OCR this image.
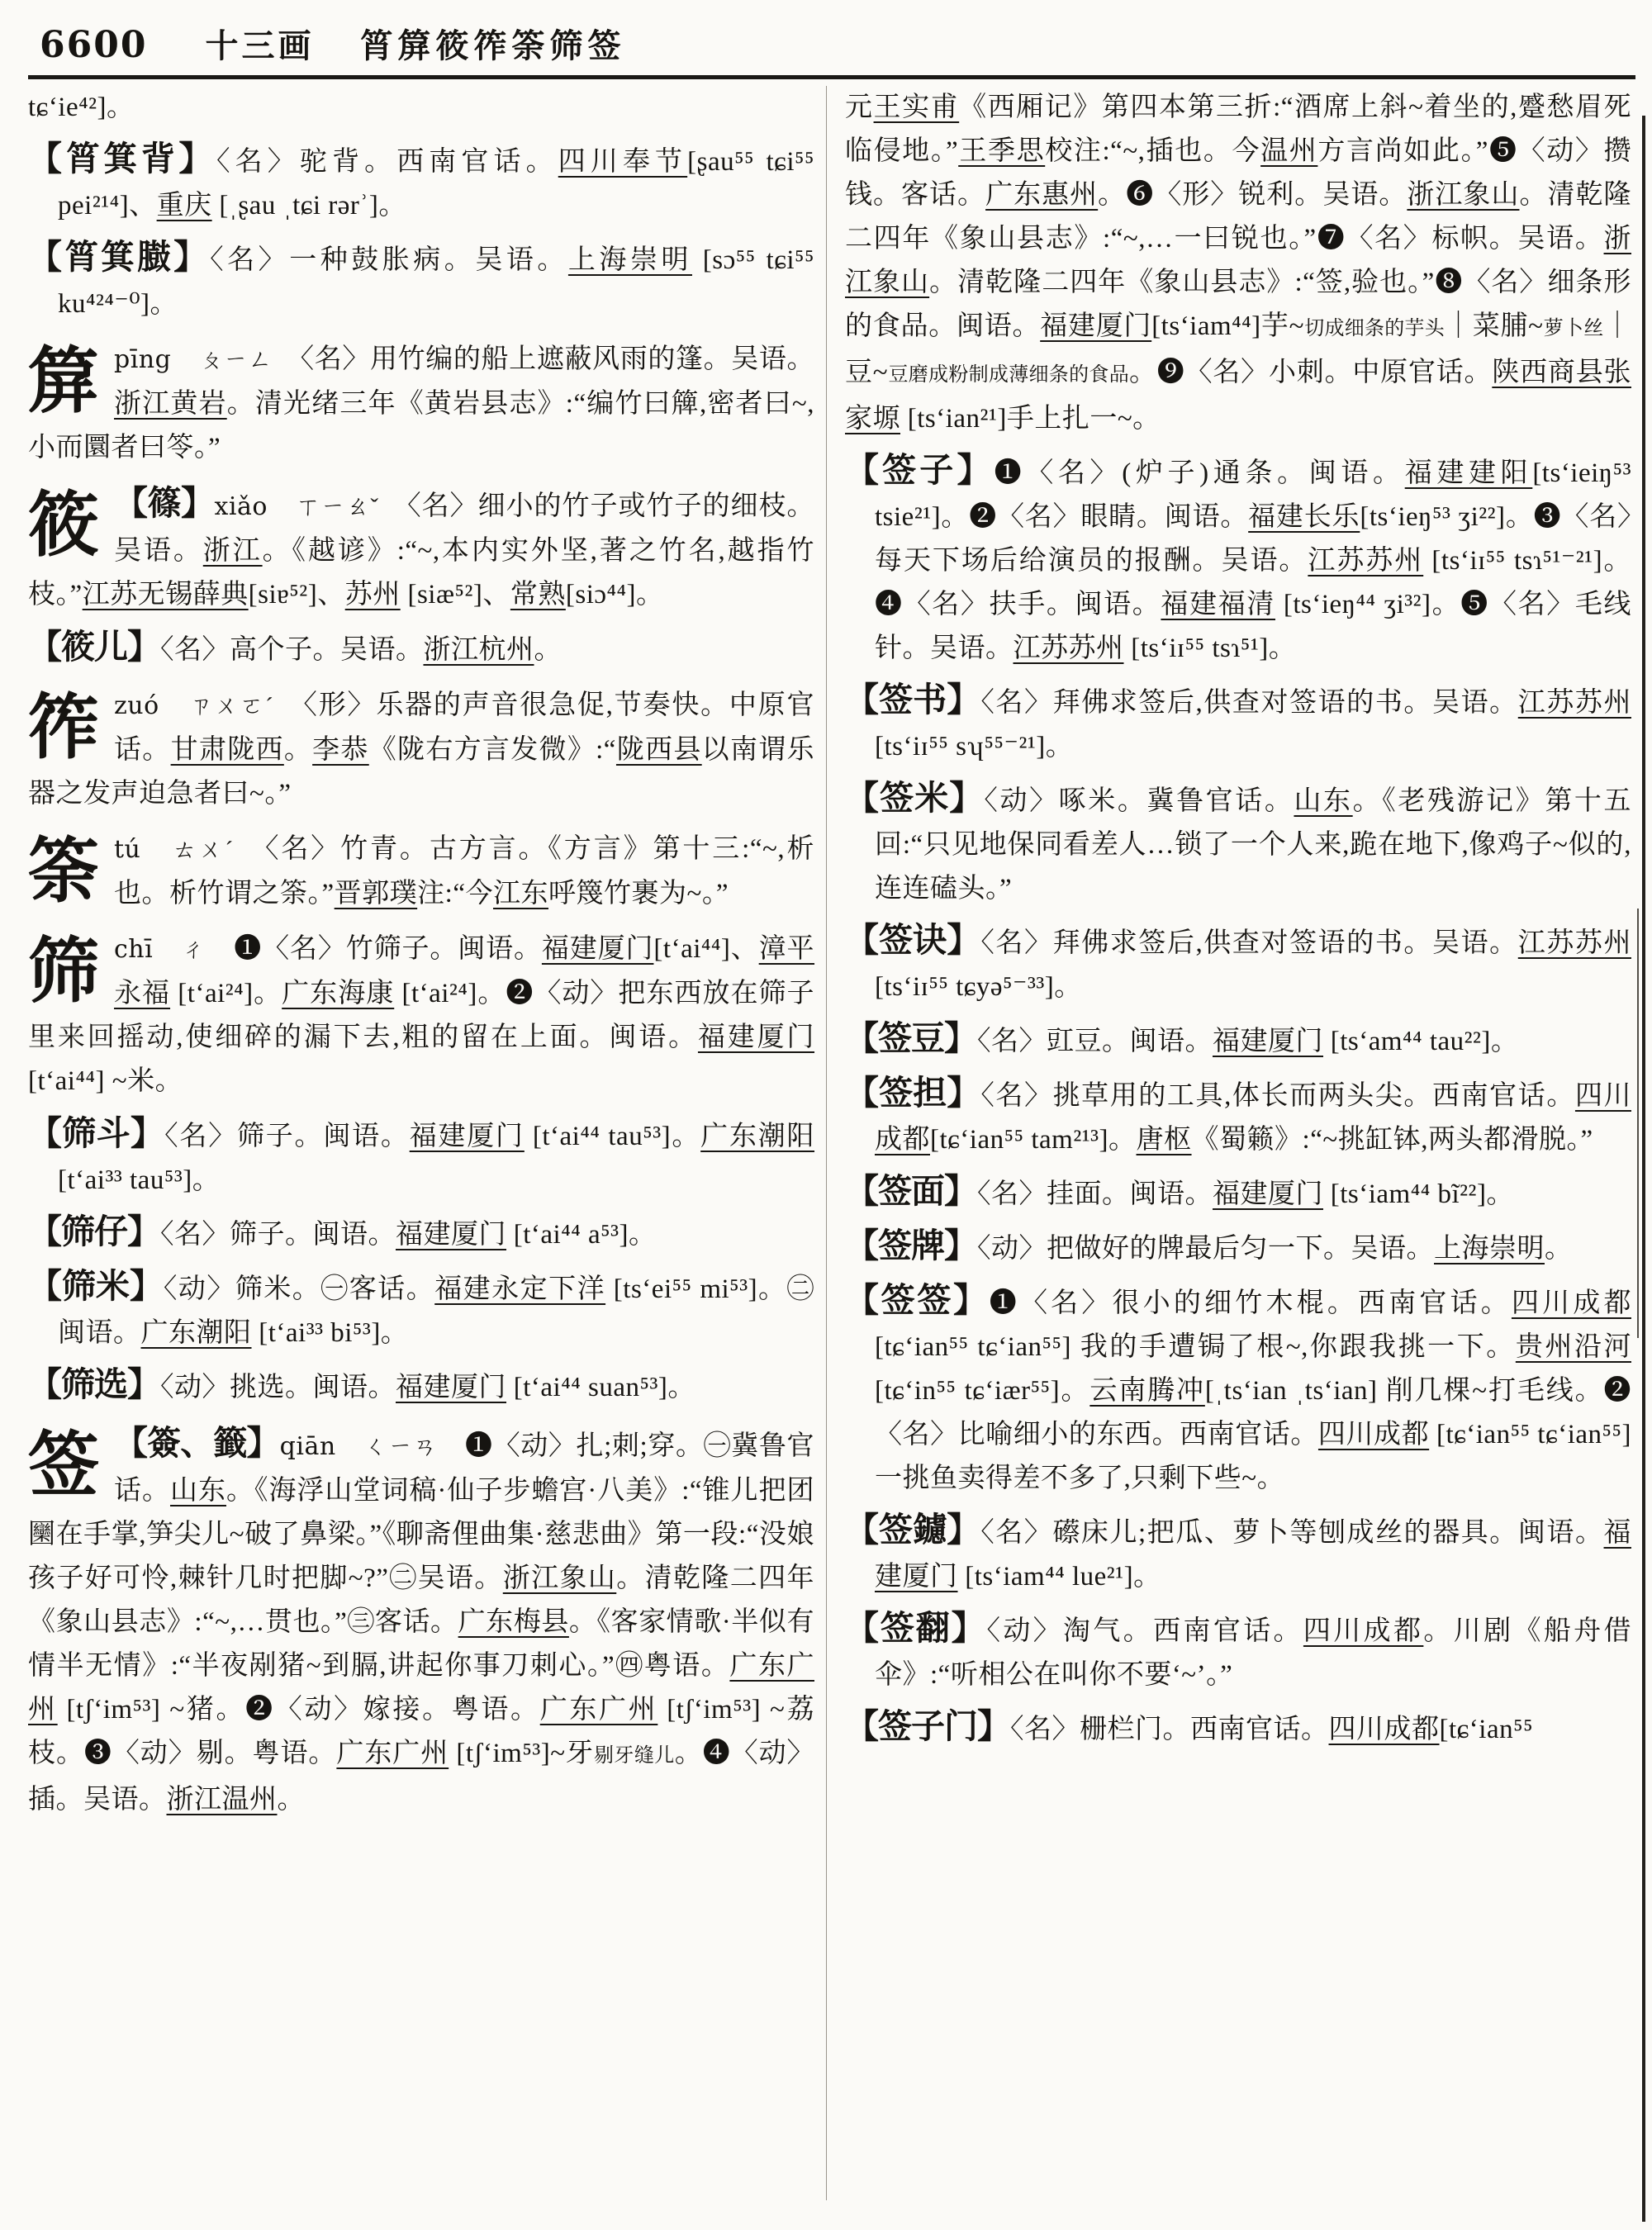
6600 十三画 筲箳筱筰筡筛签

tɕʻie⁴²]。

【筲箕背】〈名〉驼背。西南官话。四川奉节[ʂau⁵⁵ tɕi⁵⁵ pei²¹⁴]、重庆 [ˌʂau ˌtɕi rərʾ]。

【筲箕臌】〈名〉一种鼓胀病。吴语。上海崇明 [sɔ⁵⁵ tɕi⁵⁵ ku⁴²⁴⁻⁰]。

箳 pīng　 ㄆㄧㄥ　〈名〉用竹编的船上遮蔽风雨的篷。吴语。浙江黄岩。清光绪三年《黄岩县志》:“编竹曰簰,密者曰~,小而圜者曰笭。”

筱 【篠】xiǎo　 ㄒㄧㄠˇ　〈名〉细小的竹子或竹子的细枝。吴语。浙江。《越谚》:“~,本内实外坚,著之竹名,越指竹枝。”江苏无锡薛典[siɐ⁵²]、苏州 [siæ⁵²]、常熟[siɔ⁴⁴]。

【筱儿】〈名〉高个子。吴语。浙江杭州。

筰 zuó　 ㄗㄨㄛˊ　〈形〉乐器的声音很急促,节奏快。中原官话。甘肃陇西。李恭《陇右方言发微》:“陇西县以南谓乐器之发声迫急者曰~。”

筡 tú　 ㄊㄨˊ　〈名〉竹青。古方言。《方言》第十三:“~,析也。析竹谓之筡。”晋郭璞注:“今江东呼篾竹裹为~。”

筛 chī　 ㄔ　❶〈名〉竹筛子。闽语。福建厦门[tʻai⁴⁴]、漳平永福 [tʻai²⁴]。广东海康 [tʻai²⁴]。❷〈动〉把东西放在筛子里来回摇动,使细碎的漏下去,粗的留在上面。闽语。福建厦门 [tʻai⁴⁴] ~米。

【筛斗】〈名〉筛子。闽语。福建厦门 [tʻai⁴⁴ tau⁵³]。广东潮阳 [tʻai³³ tau⁵³]。

【筛仔】〈名〉筛子。闽语。福建厦门 [tʻai⁴⁴ a⁵³]。

【筛米】〈动〉筛米。㊀客话。福建永定下洋 [tsʻei⁵⁵ mi⁵³]。㊁闽语。广东潮阳 [tʻai³³ bi⁵³]。

【筛选】〈动〉挑选。闽语。福建厦门 [tʻai⁴⁴ suan⁵³]。

签 【簽、籤】qiān　 ㄑㄧㄢ　❶〈动〉扎;刺;穿。㊀冀鲁官话。山东。《海浮山堂词稿·仙子步蟾宫·八美》:“锥儿把团圞在手掌,笋尖儿~破了鼻梁。”《聊斋俚曲集·慈悲曲》第一段:“没娘孩子好可怜,棘针几时把脚~?”㊁吴语。浙江象山。清乾隆二四年《象山县志》:“~,…贯也。”㊂客话。广东梅县。《客家情歌·半似有情半无情》:“半夜剐猪~到膈,讲起你事刀刺心。”㊃粤语。广东广州 [tʃʻim⁵³] ~猪。❷〈动〉嫁接。粤语。广东广州 [tʃʻim⁵³] ~荔枝。❸〈动〉剔。粤语。广东广州 [tʃʻim⁵³]~牙剔牙缝儿。❹〈动〉插。吴语。浙江温州。

元王实甫《西厢记》第四本第三折:“酒席上斜~着坐的,蹙愁眉死临侵地。”王季思校注:“~,插也。今温州方言尚如此。”❺〈动〉攒钱。客话。广东惠州。❻〈形〉锐利。吴语。浙江象山。清乾隆二四年《象山县志》:“~,…一曰锐也。”❼〈名〉标帜。吴语。浙江象山。清乾隆二四年《象山县志》:“签,验也。”❽〈名〉细条形的食品。闽语。福建厦门[tsʻiam⁴⁴]芋~切成细条的芋头｜菜脯~萝卜丝｜豆~豆磨成粉制成薄细条的食品。❾〈名〉小刺。中原官话。陕西商县张家塬 [tsʻian²¹]手上扎一~。

【签子】❶〈名〉(炉子)通条。闽语。福建建阳[tsʻieiŋ⁵³ tsie²¹]。❷〈名〉眼睛。闽语。福建长乐[tsʻieŋ⁵³ ʒi²²]。❸〈名〉每天下场后给演员的报酬。吴语。江苏苏州 [tsʻiɪ⁵⁵ tsɿ⁵¹⁻²¹]。❹〈名〉扶手。闽语。福建福清 [tsʻieŋ⁴⁴ ʒi³²]。❺〈名〉毛线针。吴语。江苏苏州 [tsʻiɪ⁵⁵ tsɿ⁵¹]。

【签书】〈名〉拜佛求签后,供查对签语的书。吴语。江苏苏州 [tsʻiɪ⁵⁵ sʮ⁵⁵⁻²¹]。

【签米】〈动〉啄米。冀鲁官话。山东。《老残游记》第十五回:“只见地保同看差人…锁了一个人来,跪在地下,像鸡子~似的,连连磕头。”

【签诀】〈名〉拜佛求签后,供查对签语的书。吴语。江苏苏州 [tsʻiɪ⁵⁵ tɕyə⁵⁻³³]。

【签豆】〈名〉豇豆。闽语。福建厦门 [tsʻam⁴⁴ tau²²]。

【签担】〈名〉挑草用的工具,体长而两头尖。西南官话。四川成都[tɕʻian⁵⁵ tam²¹³]。唐枢《蜀籁》:“~挑缸钵,两头都滑脱。”

【签面】〈名〉挂面。闽语。福建厦门 [tsʻiam⁴⁴ bĩ²²]。

【签牌】〈动〉把做好的牌最后匀一下。吴语。上海崇明。

【签签】❶〈名〉很小的细竹木棍。西南官话。四川成都[tɕʻian⁵⁵ tɕʻian⁵⁵] 我的手遭锔了根~,你跟我挑一下。贵州沿河 [tɕʻin⁵⁵ tɕʻiær⁵⁵]。云南腾冲[ˌtsʻian ˌtsʻian] 削几棵~打毛线。❷〈名〉比喻细小的东西。西南官话。四川成都 [tɕʻian⁵⁵ tɕʻian⁵⁵]一挑鱼卖得差不多了,只剩下些~。

【签鑢】〈名〉礤床儿;把瓜、萝卜等刨成丝的器具。闽语。福建厦门 [tsʻiam⁴⁴ lue²¹]。

【签翻】〈动〉淘气。西南官话。四川成都。川剧《船舟借伞》:“听相公在叫你不要‘~’。”

【签子门】〈名〉栅栏门。西南官话。四川成都[tɕʻian⁵⁵
